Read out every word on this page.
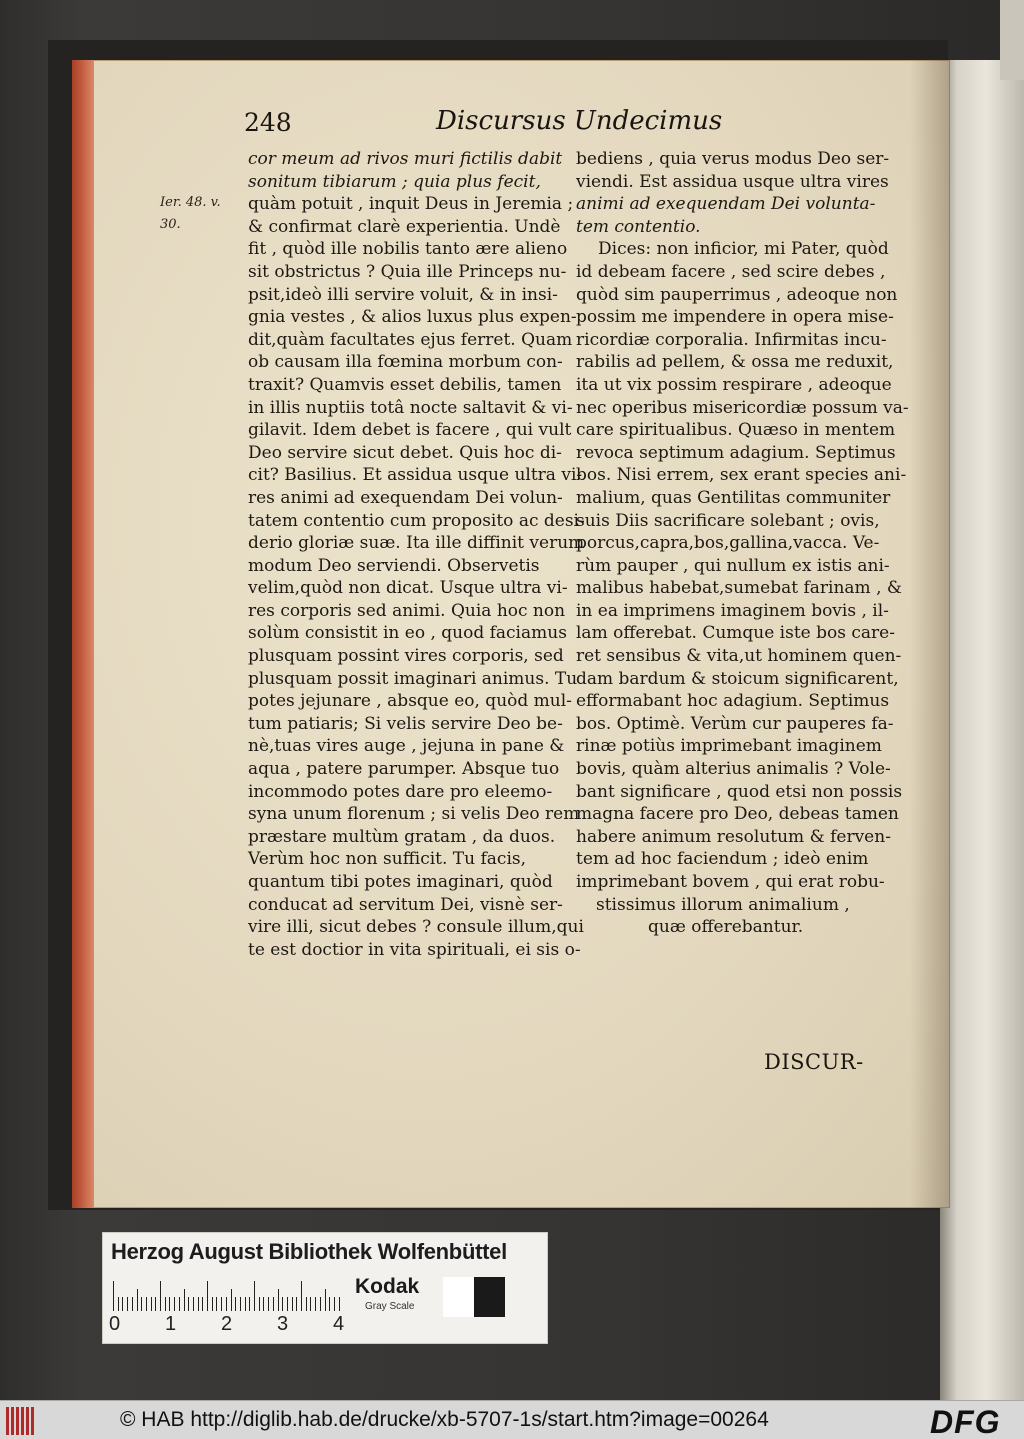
248	Discursus Undecimus
Ier. 48. v.
30.
cor meum ad rivos muri fictilis dabit
sonitum tibiarum ; quia plus fecit,
quàm potuit , inquit Deus in Jeremia ;
& confirmat clarè experientia. Undè
fit , quòd ille nobilis tanto ære alieno
sit obstrictus ? Quia ille Princeps nu-
psit,ideò illi servire voluit, & in insi-
gnia vestes , & alios luxus plus expen-
dit,quàm facultates ejus ferret. Quam
ob causam illa fœmina morbum con-
traxit? Quamvis esset debilis, tamen
in illis nuptiis totâ nocte saltavit & vi-
gilavit. Idem debet is facere , qui vult
Deo servire sicut debet. Quis hoc di-
cit? Basilius. Et assidua usque ultra vi-
res animi ad exequendam Dei volun-
tatem contentio cum proposito ac desi-
derio gloriæ suæ. Ita ille diffinit verum
modum Deo serviendi. Observetis
velim,quòd non dicat. Usque ultra vi-
res corporis sed animi. Quia hoc non
solùm consistit in eo , quod faciamus
plusquam possint vires corporis, sed
plusquam possit imaginari animus. Tu
potes jejunare , absque eo, quòd mul-
tum patiaris; Si velis servire Deo be-
nè,tuas vires auge , jejuna in pane &
aqua , patere parumper. Absque tuo
incommodo potes dare pro eleemo-
syna unum florenum ; si velis Deo rem
præstare multùm gratam , da duos.
Verùm hoc non sufficit. Tu facis,
quantum tibi potes imaginari, quòd
conducat ad servitum Dei, visnè ser-
vire illi, sicut debes ? consule illum,qui
te est doctior in vita spirituali, ei sis o-
bediens , quia verus modus Deo ser-
viendi. Est assidua usque ultra vires
animi ad exequendam Dei volunta-
tem contentio.
Dices: non inficior, mi Pater, quòd
id debeam facere , sed scire debes ,
quòd sim pauperrimus , adeoque non
possim me impendere in opera mise-
ricordiæ corporalia. Infirmitas incu-
rabilis ad pellem, & ossa me reduxit,
ita ut vix possim respirare , adeoque
nec operibus misericordiæ possum va-
care spiritualibus. Quæso in mentem
revoca septimum adagium. Septimus
bos. Nisi errem, sex erant species ani-
malium, quas Gentilitas communiter
suis Diis sacrificare solebant ; ovis,
porcus,capra,bos,gallina,vacca. Ve-
rùm pauper , qui nullum ex istis ani-
malibus habebat,sumebat farinam , &
in ea imprimens imaginem bovis , il-
lam offerebat. Cumque iste bos care-
ret sensibus & vita,ut hominem quen-
dam bardum & stoicum significarent,
efformabant hoc adagium. Septimus
bos. Optimè. Verùm cur pauperes fa-
rinæ potiùs imprimebant imaginem
bovis, quàm alterius animalis ? Vole-
bant significare , quod etsi non possis
magna facere pro Deo, debeas tamen
habere animum resolutum & ferven-
tem ad hoc faciendum ; ideò enim
imprimebant bovem , qui erat robu-
stissimus illorum animalium ,
quæ offerebantur.
DISCUR-
Herzog August Bibliothek Wolfenbüttel
0 1 2 3 4
Kodak
Gray Scale
© HAB http://diglib.hab.de/drucke/xb-5707-1s/start.htm?image=00264	DFG
